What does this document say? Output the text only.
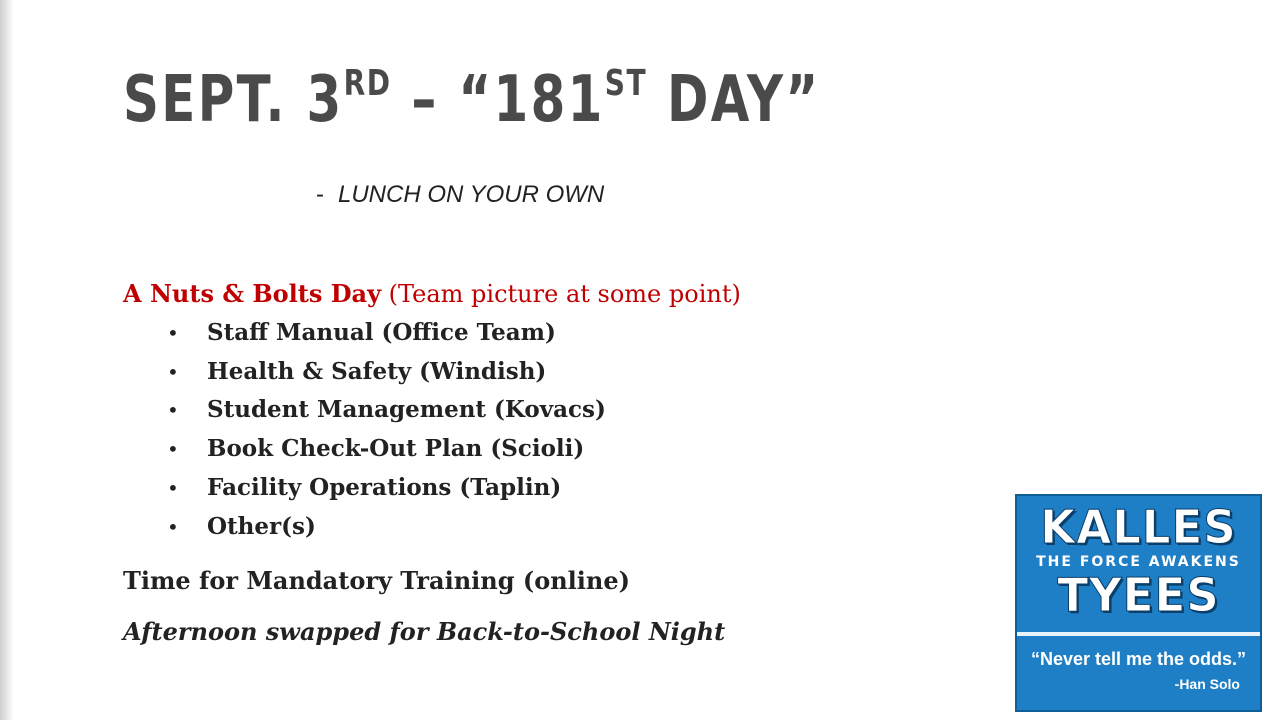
SEPT. 3RD – “181ST DAY”
- LUNCH ON YOUR OWN
A Nuts & Bolts Day (Team picture at some point)
• Staff Manual (Office Team)
• Health & Safety (Windish)
• Student Management (Kovacs)
• Book Check-Out Plan (Scioli)
• Facility Operations (Taplin)
• Other(s)
Time for Mandatory Training (online)
Afternoon swapped for Back-to-School Night
KALLES
THE FORCE AWAKENS
TYEES
“Never tell me the odds.”
-Han Solo
